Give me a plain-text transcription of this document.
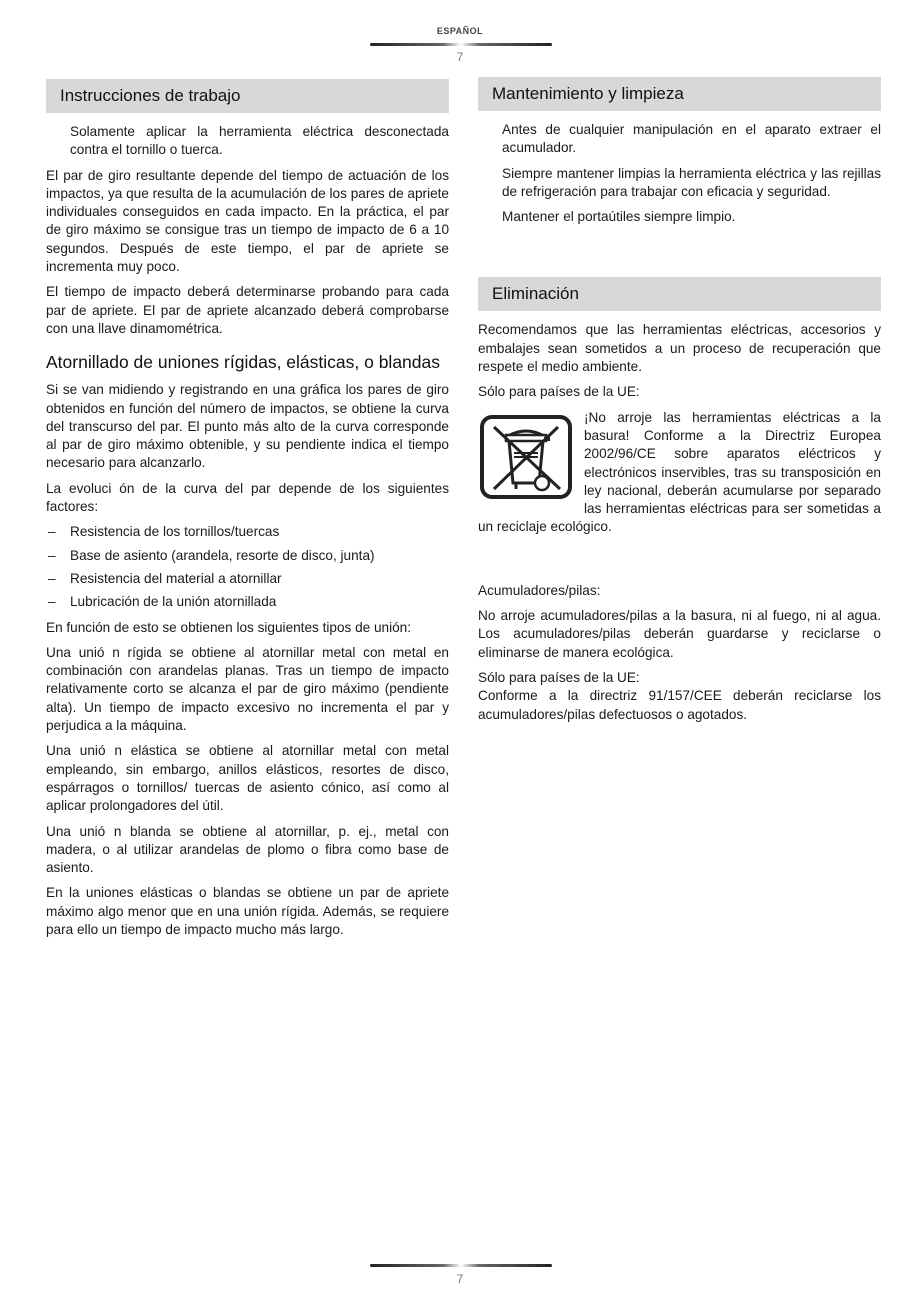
ESPAÑOL
7
Instrucciones de trabajo

Solamente aplicar la herramienta eléctrica desconectada contra el tornillo o tuerca.

El par de giro resultante depende del tiempo de actuación de los impactos, ya que resulta de la acumulación de los pares de apriete individuales conseguidos en cada impacto. En la práctica, el par de giro máximo se consigue tras un tiempo de impacto de 6 a 10 segundos. Después de este tiempo, el par de apriete se incrementa muy poco.

El tiempo de impacto deberá determinarse probando para cada par de apriete. El par de apriete alcanzado deberá comprobarse con una llave dinamométrica.

Atornillado de uniones rígidas, elásticas, o blandas

Si se van midiendo y registrando en una gráfica los pares de giro obtenidos en función del número de impactos, se obtiene la curva del transcurso del par. El punto más alto de la curva corresponde al par de giro máximo obtenible, y su pendiente indica el tiempo necesario para alcanzarlo.

La evoluci ón de la curva del par depende de los siguientes factores:

– Resistencia de los tornillos/tuercas
– Base de asiento (arandela, resorte de disco, junta)
– Resistencia del material a atornillar
– Lubricación de la unión atornillada

En función de esto se obtienen los siguientes tipos de unión:

Una unió n rígida se obtiene al atornillar metal con metal en combinación con arandelas planas. Tras un tiempo de impacto relativamente corto se alcanza el par de giro máximo (pendiente alta). Un tiempo de impacto excesivo no incrementa el par y perjudica a la máquina.

Una unió n elástica se obtiene al atornillar metal con metal empleando, sin embargo, anillos elásticos, resortes de disco, espárragos o tornillos/ tuercas de asiento cónico, así como al aplicar prolongadores del útil.

Una unió n blanda se obtiene al atornillar, p. ej., metal con madera, o al utilizar arandelas de plomo o fibra como base de asiento.

En la uniones elásticas o blandas se obtiene un par de apriete máximo algo menor que en una unión rígida. Además, se requiere para ello un tiempo de impacto mucho más largo.

Mantenimiento y limpieza

Antes de cualquier manipulación en el aparato extraer el acumulador.

Siempre mantener limpias la herramienta eléctrica y las rejillas de refrigeración para trabajar con eficacia y seguridad.

Mantener el portaútiles siempre limpio.

Eliminación

Recomendamos que las herramientas eléctricas, accesorios y embalajes sean sometidos a un proceso de recuperación que respete el medio ambiente.

Sólo para países de la UE:

¡No arroje las herramientas eléctricas a la basura! Conforme a la Directriz Europea 2002/96/CE sobre aparatos eléctricos y electrónicos inservibles, tras su transposición en ley nacional, deberán acumularse por separado las herramientas eléctricas para ser sometidas a un reciclaje ecológico.

Acumuladores/pilas:

No arroje acumuladores/pilas a la basura, ni al fuego, ni al agua. Los acumuladores/pilas deberán guardarse y reciclarse o eliminarse de manera ecológica.

Sólo para países de la UE:

Conforme a la directriz 91/157/CEE deberán reciclarse los acumuladores/pilas defectuosos o agotados.

7
